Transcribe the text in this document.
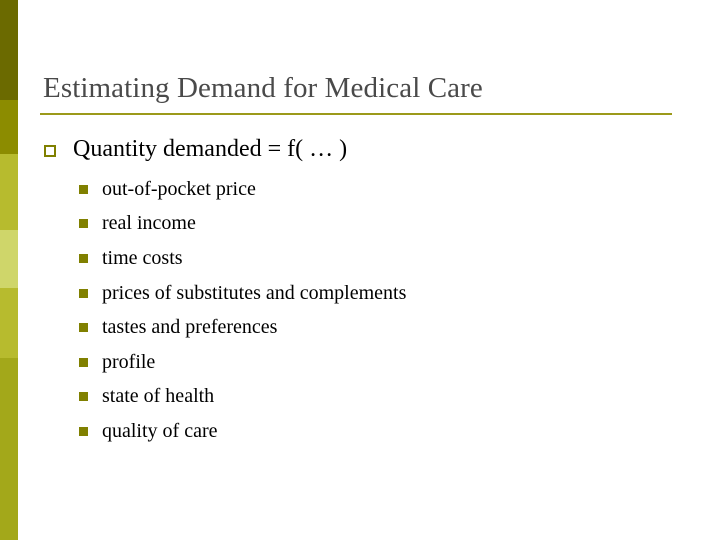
Estimating Demand for Medical Care
Quantity demanded = f( … )
out-of-pocket price
real income
time costs
prices of substitutes and complements
tastes and preferences
profile
state of health
quality of care
